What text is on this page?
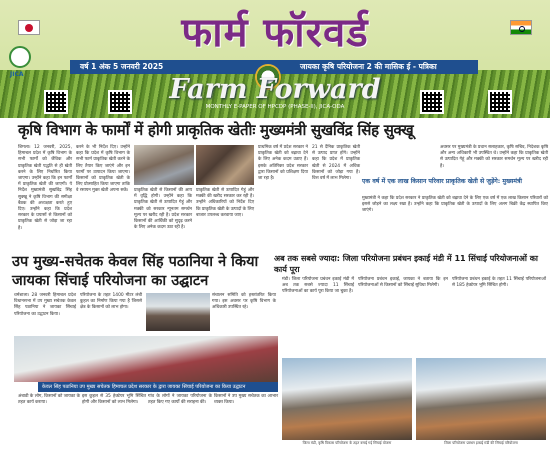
JICA
फार्म फॉरवर्ड
वर्ष 1 अंक 5 जनवरी 2025	जायका कृषि परियोजना 2 की मासिक ई - पत्रिका
Farm Forward
MONTHLY E-PAPER OF HPCDP (PHASE-II), JICA-ODA
कृषि विभाग के फार्मों में होगी प्राकृतिक खेतीः मुख्यमंत्री सुखविंद्र सिंह सुक्खू
शिमला। 12 जनवरी, 2025, हिमाचल प्रदेश में कृषि विभाग के सभी फार्मों को जैविक और प्राकृतिक खेती पद्धति से ही खेती करने के लिए निर्धारित किया जाएगा। उन्होंने कहा कि इन फार्मों में प्राकृतिक खेती की जाएगी। ये निर्देश मुख्यमंत्री सुखविंद्र सिंह सुक्खू ने कृषि विभाग की समीक्षा बैठक की अध्यक्षता करते हुए दिए। उन्होंने कहा कि प्रदेश सरकार के प्रयासों से किसानों को प्राकृतिक खेती से जोड़ा जा रहा है।
करने के भी निर्देश दिए। उन्होंने कहा कि प्रदेश में कृषि विभाग के सभी फार्म प्राकृतिक खेती करने के लिए तैयार किए जाएंगे और इन फार्मों पर उत्पादन किया जाएगा। किसानों को प्राकृतिक खेती के लिए प्रोत्साहित किया जाएगा ताकि वे रसायन मुक्त खेती अपना सकें।	प्राकृतिक खेती से किसानों की आय में वृद्धि होगी। उन्होंने कहा कि प्राकृतिक खेती से उत्पादित गेहूं और मक्की को सरकार न्यूनतम समर्थन मूल्य पर खरीद रही है। प्रदेश सरकार किसानों की आर्थिकी को सुदृढ़ करने के लिए अनेक कदम उठा रही है।
प्राकृतिक खेती से उत्पादित गेहूं और मक्की की खरीद सरकार कर रही है। उन्होंने अधिकारियों को निर्देश दिए कि प्राकृतिक खेती के उत्पादों के लिए बाजार उपलब्ध करवाया जाए।
प्राथमिक वर्ष में प्रदेश सरकार ने प्राकृतिक खेती को बढ़ावा देने के लिए अनेक कदम उठाए हैं। इसके अतिरिक्त प्रदेश सरकार द्वारा किसानों को प्रशिक्षण दिया जा रहा है।
21 से दैनिक प्राकृतिक खेती से उत्पाद प्राप्त होंगे। उन्होंने कहा कि प्रदेश में प्राकृतिक खेती से 2024 में अधिक किसानों को जोड़ा गया है। वित्त वर्ष में लाभ मिलेगा।	एक वर्ष में एक लाख किसान परिवार प्राकृतिक खेती से जुड़ेंगे: मुख्यमंत्री
मुख्यमंत्री ने कहा कि प्रदेश सरकार ने प्राकृतिक खेती को बढ़ावा देने के लिए एक वर्ष में एक लाख किसान परिवारों को इससे जोड़ने का लक्ष्य रखा है। उन्होंने कहा कि प्राकृतिक खेती के उत्पादों के लिए अलग बिक्री केंद्र स्थापित किए जाएंगे।
अवसर पर मुख्यमंत्री के प्रधान सलाहकार, कृषि सचिव, निदेशक कृषि और अन्य अधिकारी भी उपस्थित थे। उन्होंने कहा कि प्राकृतिक खेती से उत्पादित गेहूं और मक्की को सरकार समर्थन मूल्य पर खरीद रही है।
उप मुख्य-सचेतक केवल सिंह पठानिया ने किया जायका सिंचाई परियोजना का उद्घाटन
धर्मशाला। 28 जनवरी हिमाचल प्रदेश विधानसभा में उप मुख्य सचेतक केवल सिंह पठानिया ने जायका सिंचाई परियोजना का उद्घाटन किया।
परियोजना के तहत 1400 मीटर लंबी कुहल का निर्माण किया गया है जिससे क्षेत्र के किसानों को लाभ होगा।
संचालन समिति को हस्तांतरित किया गया। इस अवसर पर कृषि विभाग के अधिकारी उपस्थित रहे।
केवल सिंह पठानिया उप मुख्य सचेतक हिमाचल प्रदेश सरकार के द्वारा जायका सिंचाई परियोजना का किया उद्घाटन
अंबाडी के लोग, किसानों को जायका के तहत कार्य कराया।
इस कुहल से 35 हेक्टेयर भूमि सिंचित होगी और किसानों को लाभ मिलेगा।
गांव के लोगों ने जायका परियोजना के तहत किए गए कार्यों की सराहना की।
किसानों ने उप मुख्य सचेतक का आभार व्यक्त किया।
अब तक सबसे ज्यादा: जिला परियोजना प्रबंधन इकाई मंडी में 11 सिंचाई परियोजनाओं का कार्य पूरा
मंडी। जिला परियोजना प्रबंधन इकाई मंडी में अब तक सबसे ज्यादा 11 सिंचाई परियोजनाओं का कार्य पूरा किया जा चुका है।
परियोजना प्रबंधन इकाई, जायका ने बताया कि इन परियोजनाओं से किसानों को सिंचाई सुविधा मिलेगी।
परियोजना प्रबंधन इकाई के तहत 11 सिंचाई परियोजनाओं से 185 हेक्टेयर भूमि सिंचित होगी।
जिला मंडी, कृषि विकास परियोजना के तहत बनाई गई सिंचाई योजना	जिला परियोजना प्रबंधन इकाई मंडी की सिंचाई परियोजना
